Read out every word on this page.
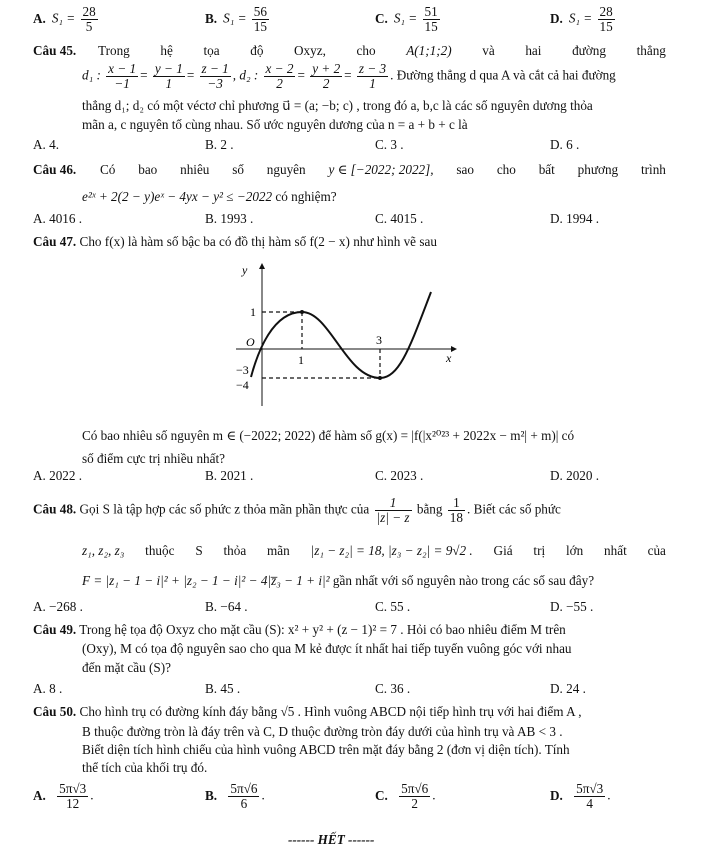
A. $S_1 = \frac{28}{5}$	B. $S_1 = \frac{56}{15}$	C. $S_1 = \frac{51}{15}$	D. $S_1 = \frac{28}{15}$
Câu 45. Trong hệ tọa độ Oxyz, cho A(1;1;2) và hai đường thẳng
d₁ : $\frac{x - 1}{-1} = \frac{y - 1}{1} = \frac{z - 1}{-3}$ , d₂ : $\frac{x - 2}{2} = \frac{y + 2}{2} = \frac{z - 3}{1}$ . Đường thẳng d qua A và cắt cả hai đường
thẳng d₁; d₂ có một véctơ chỉ phương u⃗ = (a; −b; c) , trong đó a, b,c là các số nguyên dương thỏa
mãn a, c nguyên tố cùng nhau. Số ước nguyên dương của n = a + b + c là
A. 4.	B. 2 .	C. 3 .	D. 6 .
Câu 46. Có bao nhiêu số nguyên y ∈ [−2022; 2022], sao cho bất phương trình
e²ˣ + 2(2 − y)eˣ − 4yx − y² ≤ −2022 có nghiệm?
A. 4016 .	B. 1993 .	C. 4015 .	D. 1994 .
Câu 47. Cho f(x) là hàm số bậc ba có đồ thị hàm số f(2 − x) như hình vẽ sau
y
x
O
1
1
3
−3
−4
Có bao nhiêu số nguyên m ∈ (−2022; 2022) để hàm số g(x) = |f(|x²⁰²³ + 2022x − m²| + m)| có
số điểm cực trị nhiều nhất?
A. 2022 .	B. 2021 .	C. 2023 .	D. 2020 .
Câu 48. Gọi S là tập hợp các số phức z thỏa mãn phần thực của $\frac{1}{|z| - z}$ bằng $\frac{1}{18}$ . Biết các số phức
z₁, z₂, z₃ thuộc S thỏa mãn |z₁ − z₂| = 18, |z₃ − z₂| = 9√2 . Giá trị lớn nhất của
F = |z₁ − 1 − i|² + |z₂ − 1 − i|² − 4|z̅₃ − 1 + i|² gần nhất với số nguyên nào trong các số sau đây?
A. −268 .	B. −64 .	C. 55 .	D. −55 .
Câu 49. Trong hệ tọa độ Oxyz cho mặt cầu (S): x² + y² + (z − 1)² = 7 . Hỏi có bao nhiêu điểm M trên
(Oxy), M có tọa độ nguyên sao cho qua M kẻ được ít nhất hai tiếp tuyến vuông góc với nhau
đến mặt cầu (S)?
A. 8 .	B. 45 .	C. 36 .	D. 24 .
Câu 50. Cho hình trụ có đường kính đáy bằng √5 . Hình vuông ABCD nội tiếp hình trụ với hai điểm A ,
B thuộc đường tròn là đáy trên và C, D thuộc đường tròn đáy dưới của hình trụ và AB < 3 .
Biết diện tích hình chiếu của hình vuông ABCD trên mặt đáy bằng 2 (đơn vị diện tích). Tính
thể tích của khối trụ đó.
A. $\frac{5\pi√3}{12}$ .	B. $\frac{5\pi√6}{6}$ .	C. $\frac{5\pi√6}{2}$ .	D. $\frac{5\pi√3}{4}$ .
------ HẾT ------
